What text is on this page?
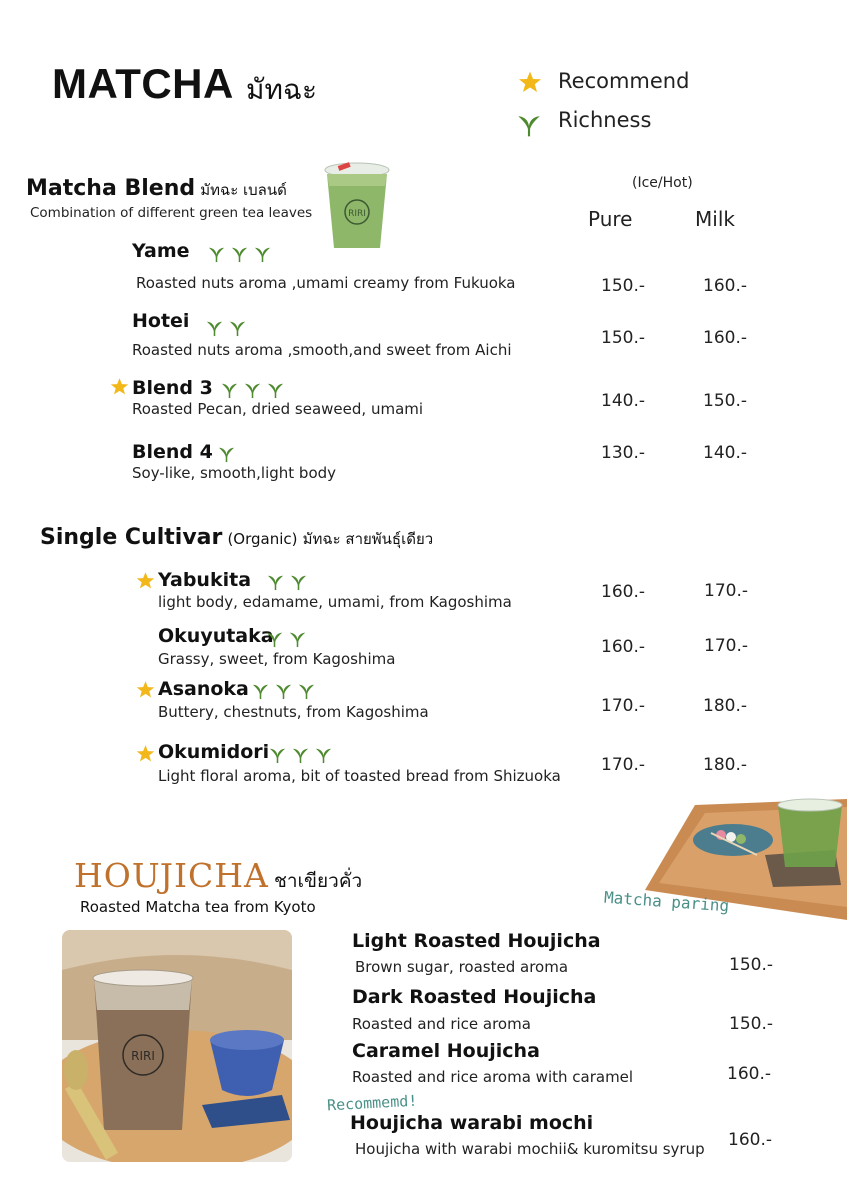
MATCHA มัทฉะ	Recommend
Richness
(Ice/Hot)
Pure	Milk
Matcha Blend มัทฉะ เบลนด์
Combination of different green tea leaves	RIRI
Yame
Roasted nuts aroma ,umami creamy from Fukuoka	150.-	160.-
Hotei
Roasted nuts aroma ,smooth,and sweet from Aichi
150.-	160.-
Blend 3
Roasted Pecan, dried seaweed, umami	140.-	150.-
Blend 4
Soy-like, smooth,light body
130.-	140.-
Single Cultivar (Organic) มัทฉะ สายพันธุ์เดียว
Yabukita
light body, edamame, umami, from Kagoshima	160.-	170.-
Okuyutaka
Grassy, sweet, from Kagoshima
160.-	170.-
Asanoka
Buttery, chestnuts, from Kagoshima	170.-	180.-
Okumidori
Light floral aroma, bit of toasted bread from Shizuoka
170.-	180.-
Matcha paring
HOUJICHA ชาเขียวคั่ว
Roasted Matcha tea from Kyoto
RIRI
Light Roasted Houjicha
Brown sugar, roasted aroma	150.-
Dark Roasted Houjicha
Roasted and rice aroma	150.-
Caramel Houjicha
Roasted and rice aroma with caramel	160.-
Recommemd!
Houjicha warabi mochi
Houjicha with warabi mochii& kuromitsu syrup 160.-
